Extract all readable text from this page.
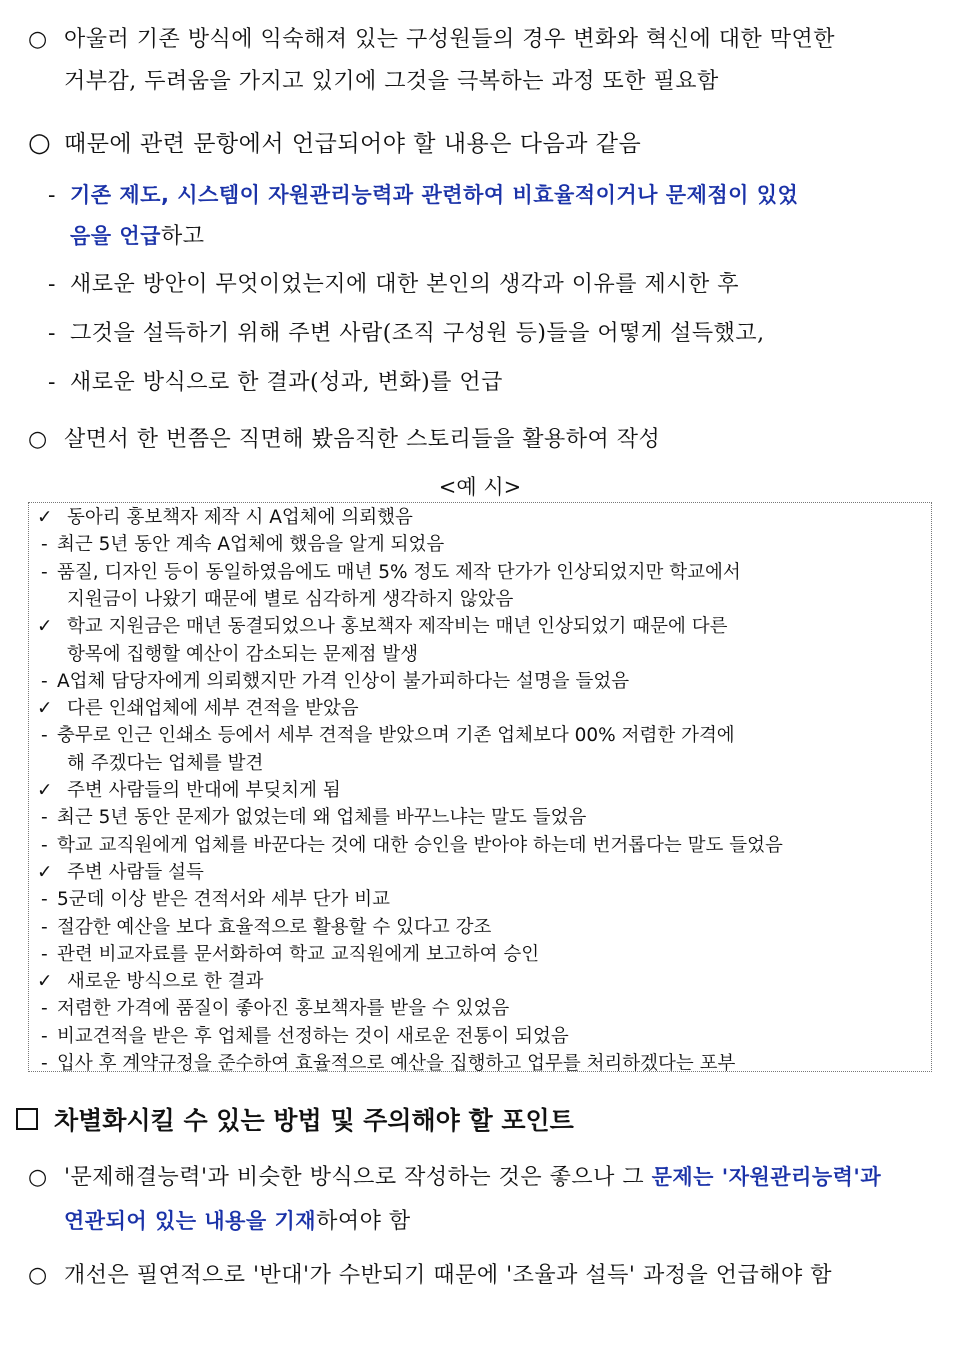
○ 아울러 기존 방식에 익숙해져 있는 구성원들의 경우 변화와 혁신에 대한 막연한
거부감, 두려움을 가지고 있기에 그것을 극복하는 과정 또한 필요함
○ 때문에 관련 문항에서 언급되어야 할 내용은 다음과 같음
- 기존 제도, 시스템이 자원관리능력과 관련하여 비효율적이거나 문제점이 있었
음을 언급하고
- 새로운 방안이 무엇이었는지에 대한 본인의 생각과 이유를 제시한 후
- 그것을 설득하기 위해 주변 사람(조직 구성원 등)들을 어떻게 설득했고,
- 새로운 방식으로 한 결과(성과, 변화)를 언급
○ 살면서 한 번쯤은 직면해 봤음직한 스토리들을 활용하여 작성
<예 시>
✓ 동아리 홍보책자 제작 시 A업체에 의뢰했음
- 최근 5년 동안 계속 A업체에 했음을 알게 되었음
- 품질, 디자인 등이 동일하였음에도 매년 5% 정도 제작 단가가 인상되었지만 학교에서
지원금이 나왔기 때문에 별로 심각하게 생각하지 않았음
✓ 학교 지원금은 매년 동결되었으나 홍보책자 제작비는 매년 인상되었기 때문에 다른
항목에 집행할 예산이 감소되는 문제점 발생
- A업체 담당자에게 의뢰했지만 가격 인상이 불가피하다는 설명을 들었음
✓ 다른 인쇄업체에 세부 견적을 받았음
- 충무로 인근 인쇄소 등에서 세부 견적을 받았으며 기존 업체보다 00% 저렴한 가격에
해 주겠다는 업체를 발견
✓ 주변 사람들의 반대에 부딪치게 됨
- 최근 5년 동안 문제가 없었는데 왜 업체를 바꾸느냐는 말도 들었음
- 학교 교직원에게 업체를 바꾼다는 것에 대한 승인을 받아야 하는데 번거롭다는 말도 들었음
✓ 주변 사람들 설득
- 5군데 이상 받은 견적서와 세부 단가 비교
- 절감한 예산을 보다 효율적으로 활용할 수 있다고 강조
- 관련 비교자료를 문서화하여 학교 교직원에게 보고하여 승인
✓ 새로운 방식으로 한 결과
- 저렴한 가격에 품질이 좋아진 홍보책자를 받을 수 있었음
- 비교견적을 받은 후 업체를 선정하는 것이 새로운 전통이 되었음
- 입사 후 계약규정을 준수하여 효율적으로 예산을 집행하고 업무를 처리하겠다는 포부
차별화시킬 수 있는 방법 및 주의해야 할 포인트
○ '문제해결능력'과 비슷한 방식으로 작성하는 것은 좋으나 그 문제는 '자원관리능력'과
연관되어 있는 내용을 기재하여야 함
○ 개선은 필연적으로 '반대'가 수반되기 때문에 '조율과 설득' 과정을 언급해야 함
